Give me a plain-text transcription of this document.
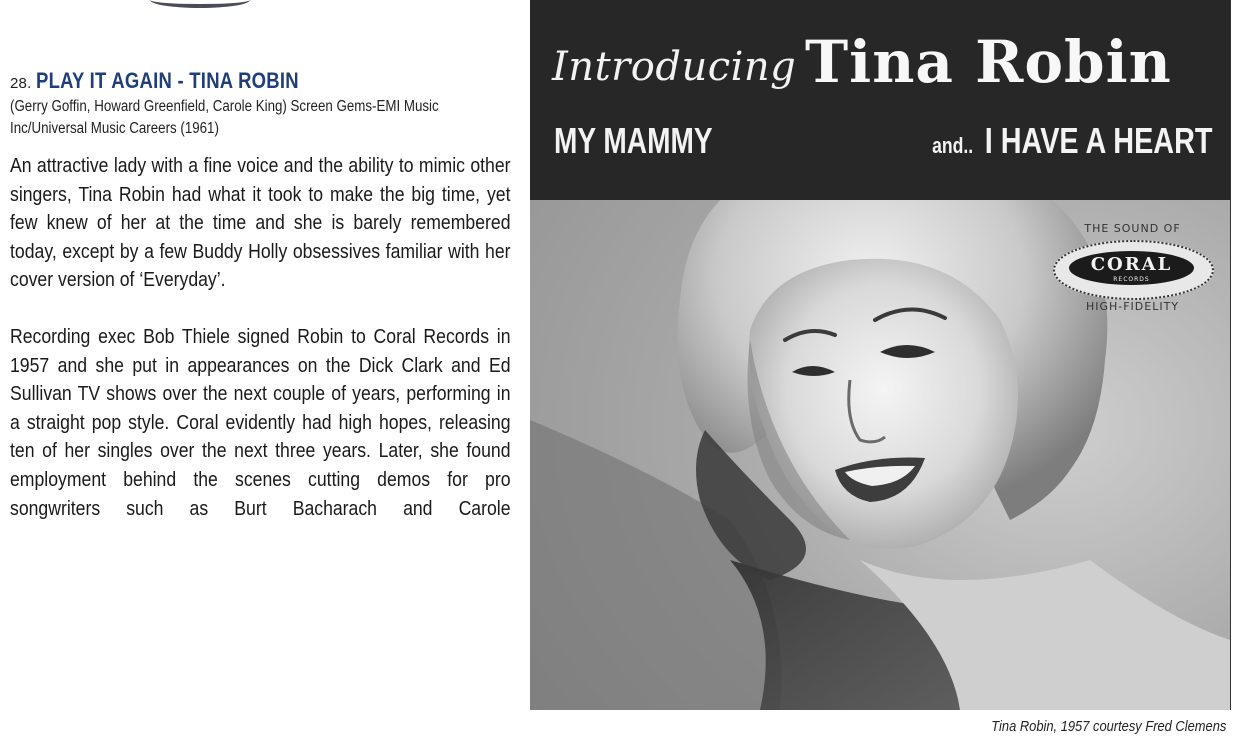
28. PLAY IT AGAIN - TINA ROBIN
(Gerry Goffin, Howard Greenfield, Carole King) Screen Gems-EMI Music Inc/Universal Music Careers (1961)
An attractive lady with a fine voice and the ability to mimic other singers, Tina Robin had what it took to make the big time, yet few knew of her at the time and she is barely remembered today, except by a few Buddy Holly obsessives familiar with her cover version of ‘Everyday’.
Recording exec Bob Thiele signed Robin to Coral Records in 1957 and she put in appearances on the Dick Clark and Ed Sullivan TV shows over the next couple of years, performing in a straight pop style. Coral evidently had high hopes, releasing ten of her singles over the next three years. Later, she found employment behind the scenes cutting demos for pro songwriters such as Burt Bacharach and Carole
Introducing Tina Robin
MY MAMMY	and.. I HAVE A HEART
THE SOUND OF
CORAL
RECORDS
HIGH-FIDELITY
Tina Robin, 1957 courtesy Fred Clemens
